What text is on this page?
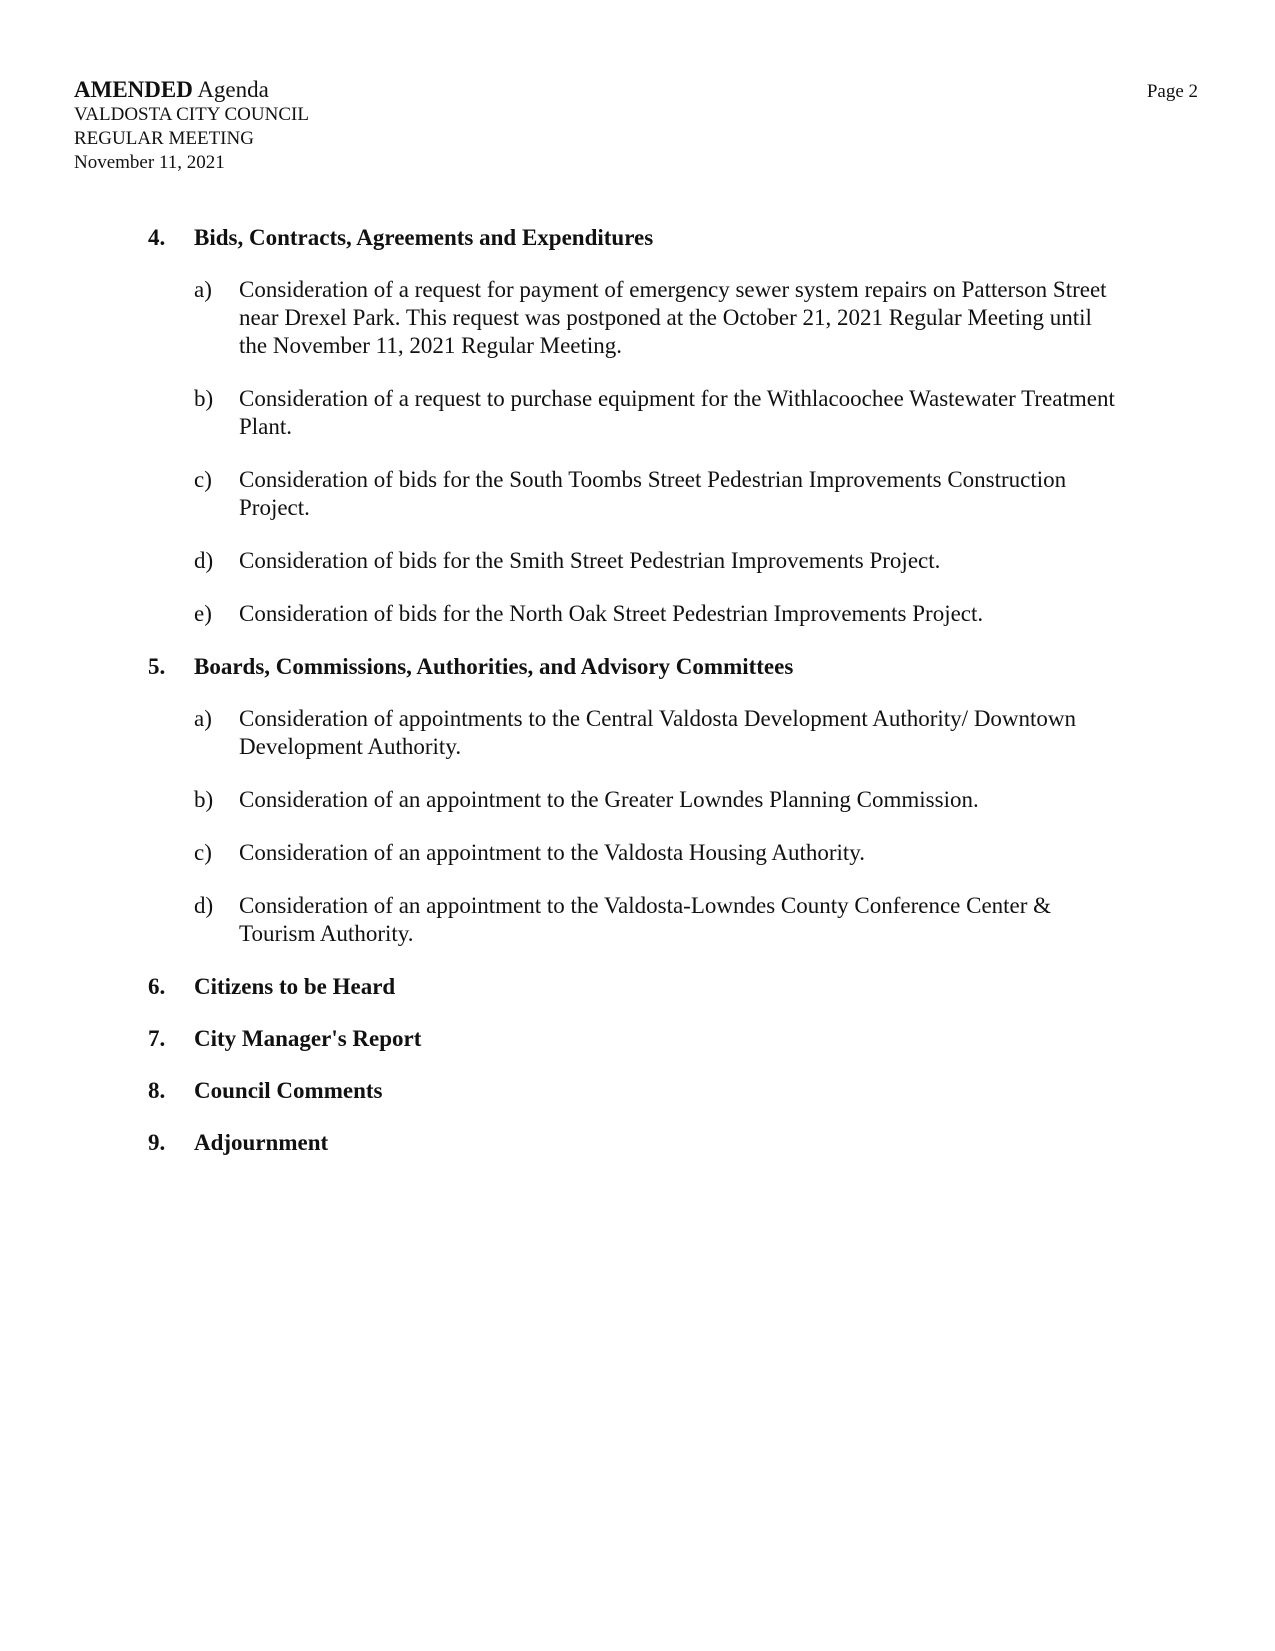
AMENDED Agenda

VALDOSTA CITY COUNCIL

REGULAR MEETING

November 11, 2021

Page 2
4.	Bids, Contracts, Agreements and Expenditures
a)	Consideration of a request for payment of emergency sewer system repairs on Patterson Street near Drexel Park. This request was postponed at the October 21, 2021 Regular Meeting until the November 11, 2021 Regular Meeting.
b)	Consideration of a request to purchase equipment for the Withlacoochee Wastewater Treatment Plant.
c)	Consideration of bids for the South Toombs Street Pedestrian Improvements Construction Project.
d)	Consideration of bids for the Smith Street Pedestrian Improvements Project.
e)	Consideration of bids for the North Oak Street Pedestrian Improvements Project.
5.	Boards, Commissions, Authorities, and Advisory Committees
a)	Consideration of appointments to the Central Valdosta Development Authority/ Downtown Development Authority.
b)	Consideration of an appointment to the Greater Lowndes Planning Commission.
c)	Consideration of an appointment to the Valdosta Housing Authority.
d)	Consideration of an appointment to the Valdosta-Lowndes County Conference Center & Tourism Authority.
6.	Citizens to be Heard
7.	City Manager's Report
8.	Council Comments
9.	Adjournment
